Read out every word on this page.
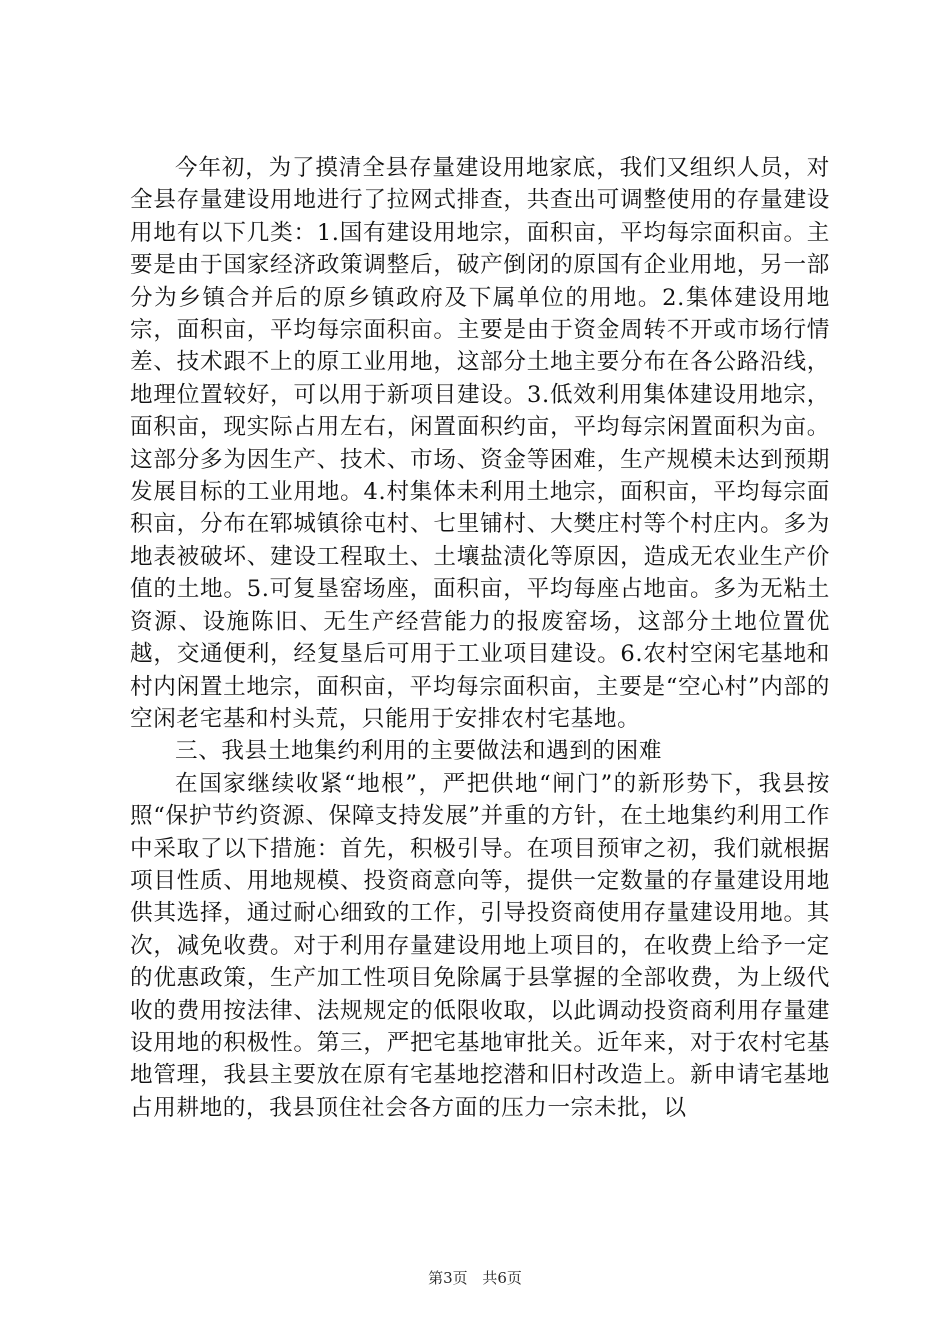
今年初，为了摸清全县存量建设用地家底，我们又组织人员，对全县存量建设用地进行了拉网式排查，共查出可调整使用的存量建设用地有以下几类：1.国有建设用地宗，面积亩，平均每宗面积亩。主要是由于国家经济政策调整后，破产倒闭的原国有企业用地，另一部分为乡镇合并后的原乡镇政府及下属单位的用地。2.集体建设用地宗，面积亩，平均每宗面积亩。主要是由于资金周转不开或市场行情差、技术跟不上的原工业用地，这部分土地主要分布在各公路沿线，地理位置较好，可以用于新项目建设。3.低效利用集体建设用地宗，面积亩，现实际占用左右，闲置面积约亩，平均每宗闲置面积为亩。这部分多为因生产、技术、市场、资金等困难，生产规模未达到预期发展目标的工业用地。4.村集体未利用土地宗，面积亩，平均每宗面积亩，分布在郓城镇徐屯村、七里铺村、大樊庄村等个村庄内。多为地表被破坏、建设工程取土、土壤盐渍化等原因，造成无农业生产价值的土地。5.可复垦窑场座，面积亩，平均每座占地亩。多为无粘土资源、设施陈旧、无生产经营能力的报废窑场，这部分土地位置优越，交通便利，经复垦后可用于工业项目建设。6.农村空闲宅基地和村内闲置土地宗，面积亩，平均每宗面积亩，主要是“空心村”内部的空闲老宅基和村头荒，只能用于安排农村宅基地。

三、我县土地集约利用的主要做法和遇到的困难

在国家继续收紧“地根”，严把供地“闸门”的新形势下，我县按照“保护节约资源、保障支持发展”并重的方针，在土地集约利用工作中采取了以下措施：首先，积极引导。在项目预审之初，我们就根据项目性质、用地规模、投资商意向等，提供一定数量的存量建设用地供其选择，通过耐心细致的工作，引导投资商使用存量建设用地。其次，减免收费。对于利用存量建设用地上项目的，在收费上给予一定的优惠政策，生产加工性项目免除属于县掌握的全部收费，为上级代收的费用按法律、法规规定的低限收取，以此调动投资商利用存量建设用地的积极性。第三，严把宅基地审批关。近年来，对于农村宅基地管理，我县主要放在原有宅基地挖潜和旧村改造上。新申请宅基地占用耕地的，我县顶住社会各方面的压力一宗未批，以

第3页 共6页
